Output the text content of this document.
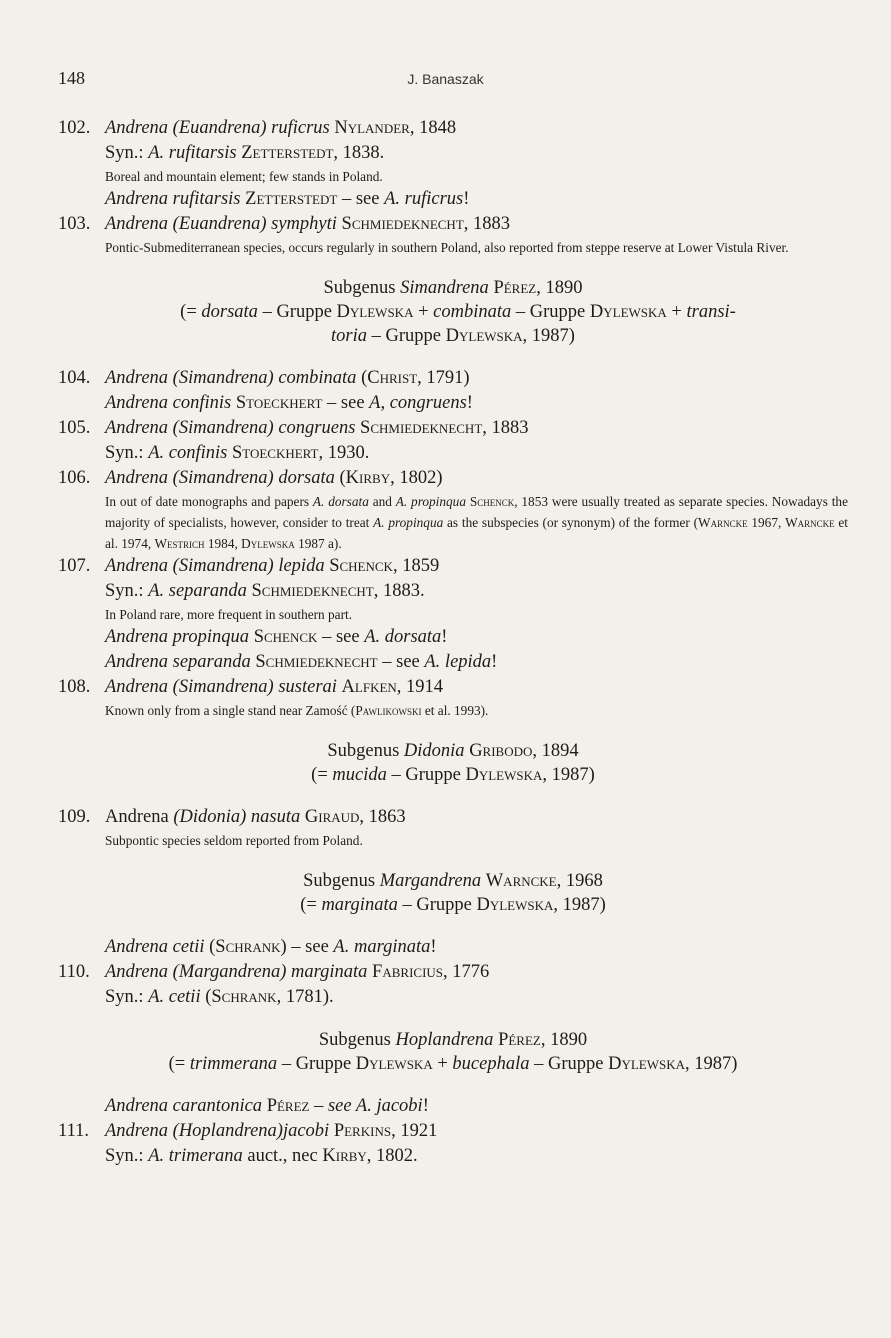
148	J. Banaszak
102. Andrena (Euandrena) ruficrus Nylander, 1848
Syn.: A. rufitarsis Zetterstedt, 1838.
Boreal and mountain element; few stands in Poland.
Andrena rufitarsis Zetterstedt – see A. ruficrus!
103. Andrena (Euandrena) symphyti Schmiedeknecht, 1883
Pontic-Submediterranean species, occurs regularly in southern Poland, also reported from steppe reserve at Lower Vistula River.
Subgenus Simandrena Pérez, 1890
(= dorsata – Gruppe Dylewska + combinata – Gruppe Dylewska + transi-
toria – Gruppe Dylewska, 1987)
104. Andrena (Simandrena) combinata (Christ, 1791)
Andrena confinis Stoeckhert – see A, congruens!
105. Andrena (Simandrena) congruens Schmiedeknecht, 1883
Syn.: A. confinis Stoeckhert, 1930.
106. Andrena (Simandrena) dorsata (Kirby, 1802)
In out of date monographs and papers A. dorsata and A. propinqua Schenck, 1853 were usually treated as separate species. Nowadays the majority of specialists, however, consider to treat A. propinqua as the subspecies (or synonym) of the former (Warncke 1967, Warncke et al. 1974, Westrich 1984, Dylewska 1987 a).
107. Andrena (Simandrena) lepida Schenck, 1859
Syn.: A. separanda Schmiedeknecht, 1883.
In Poland rare, more frequent in southern part.
Andrena propinqua Schenck – see A. dorsata!
Andrena separanda Schmiedeknecht – see A. lepida!
108. Andrena (Simandrena) susterai Alfken, 1914
Known only from a single stand near Zamość (Pawlikowski et al. 1993).
Subgenus Didonia Gribodo, 1894
(= mucida – Gruppe Dylewska, 1987)
109. Andrena (Didonia) nasuta Giraud, 1863
Subpontic species seldom reported from Poland.
Subgenus Margandrena Warncke, 1968
(= marginata – Gruppe Dylewska, 1987)
Andrena cetii (Schrank) – see A. marginata!
110. Andrena (Margandrena) marginata Fabricius, 1776
Syn.: A. cetii (Schrank, 1781).
Subgenus Hoplandrena Pérez, 1890
(= trimmerana – Gruppe Dylewska + bucephala – Gruppe Dylewska, 1987)
Andrena carantonica Pérez – see A. jacobi!
111. Andrena (Hoplandrena)jacobi Perkins, 1921
Syn.: A. trimerana auct., nec Kirby, 1802.
